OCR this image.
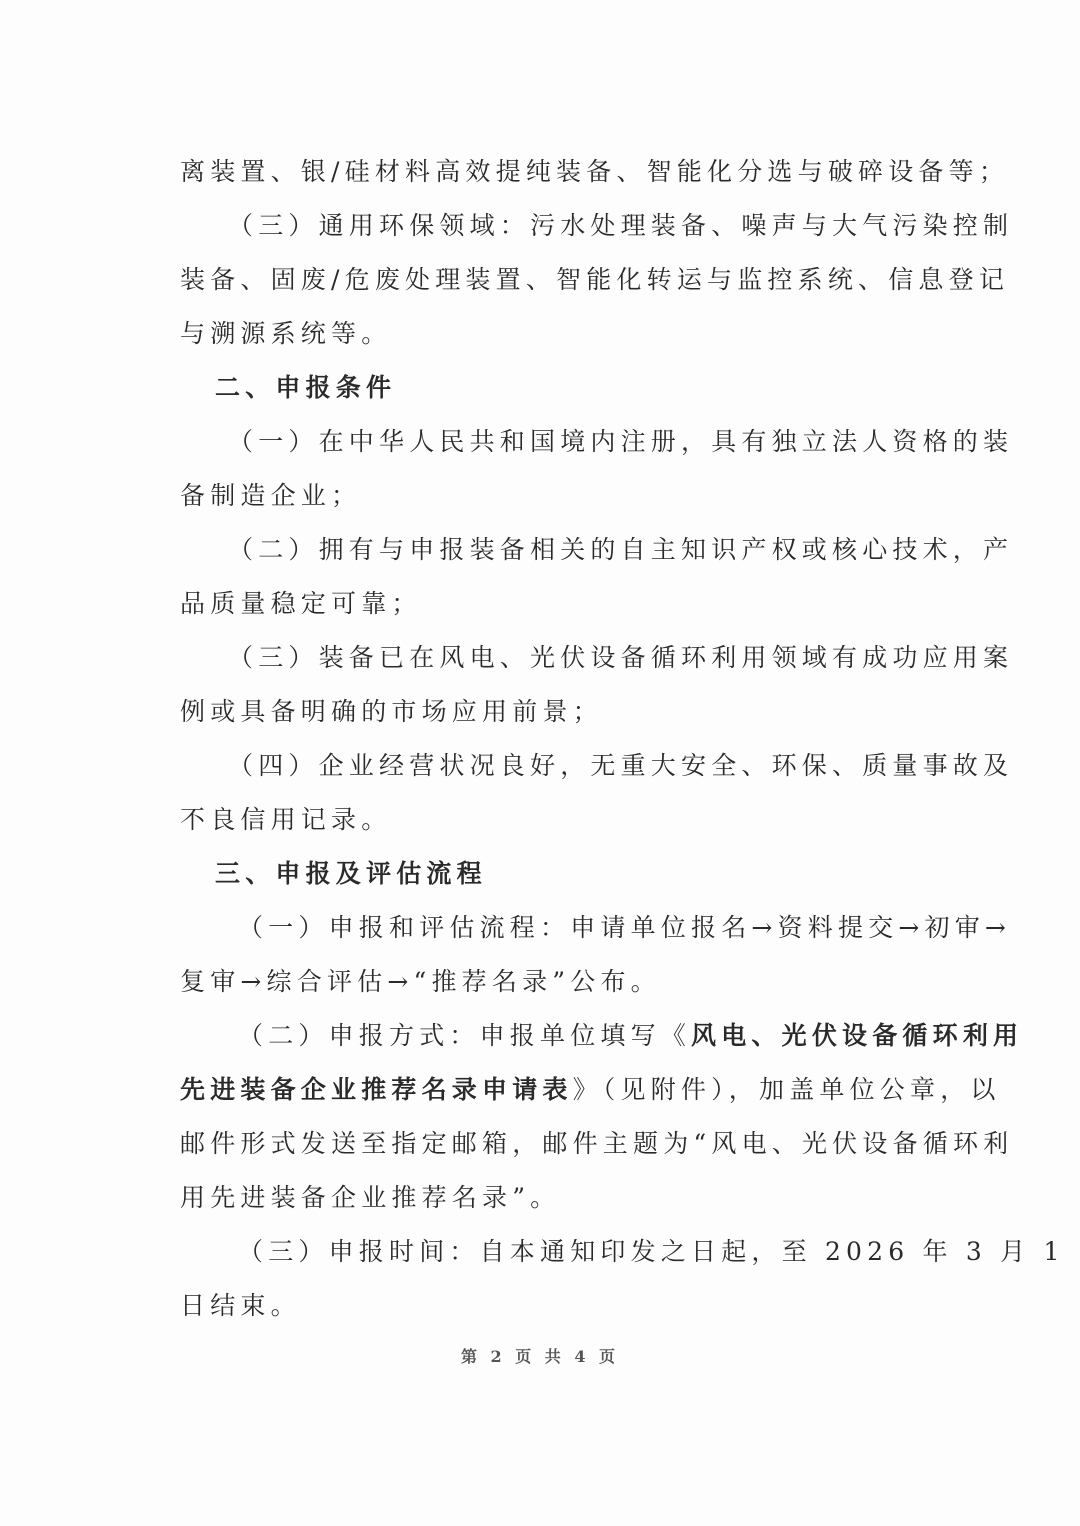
离装置、银/硅材料高效提纯装备、智能化分选与破碎设备等；
（三）通用环保领域：污水处理装备、噪声与大气污染控制
装备、固废/危废处理装置、智能化转运与监控系统、信息登记
与溯源系统等。
二、申报条件
（一）在中华人民共和国境内注册，具有独立法人资格的装
备制造企业；
（二）拥有与申报装备相关的自主知识产权或核心技术，产
品质量稳定可靠；
（三）装备已在风电、光伏设备循环利用领域有成功应用案
例或具备明确的市场应用前景；
（四）企业经营状况良好，无重大安全、环保、质量事故及
不良信用记录。
三、申报及评估流程
（一）申报和评估流程：申请单位报名→资料提交→初审→
复审→综合评估→“推荐名录”公布。
（二）申报方式：申报单位填写《风电、光伏设备循环利用
先进装备企业推荐名录申请表》（见附件），加盖单位公章，以
邮件形式发送至指定邮箱，邮件主题为“风电、光伏设备循环利
用先进装备企业推荐名录”。
（三）申报时间：自本通知印发之日起，至 2026 年 3 月 1
日结束。
第 2 页 共 4 页
